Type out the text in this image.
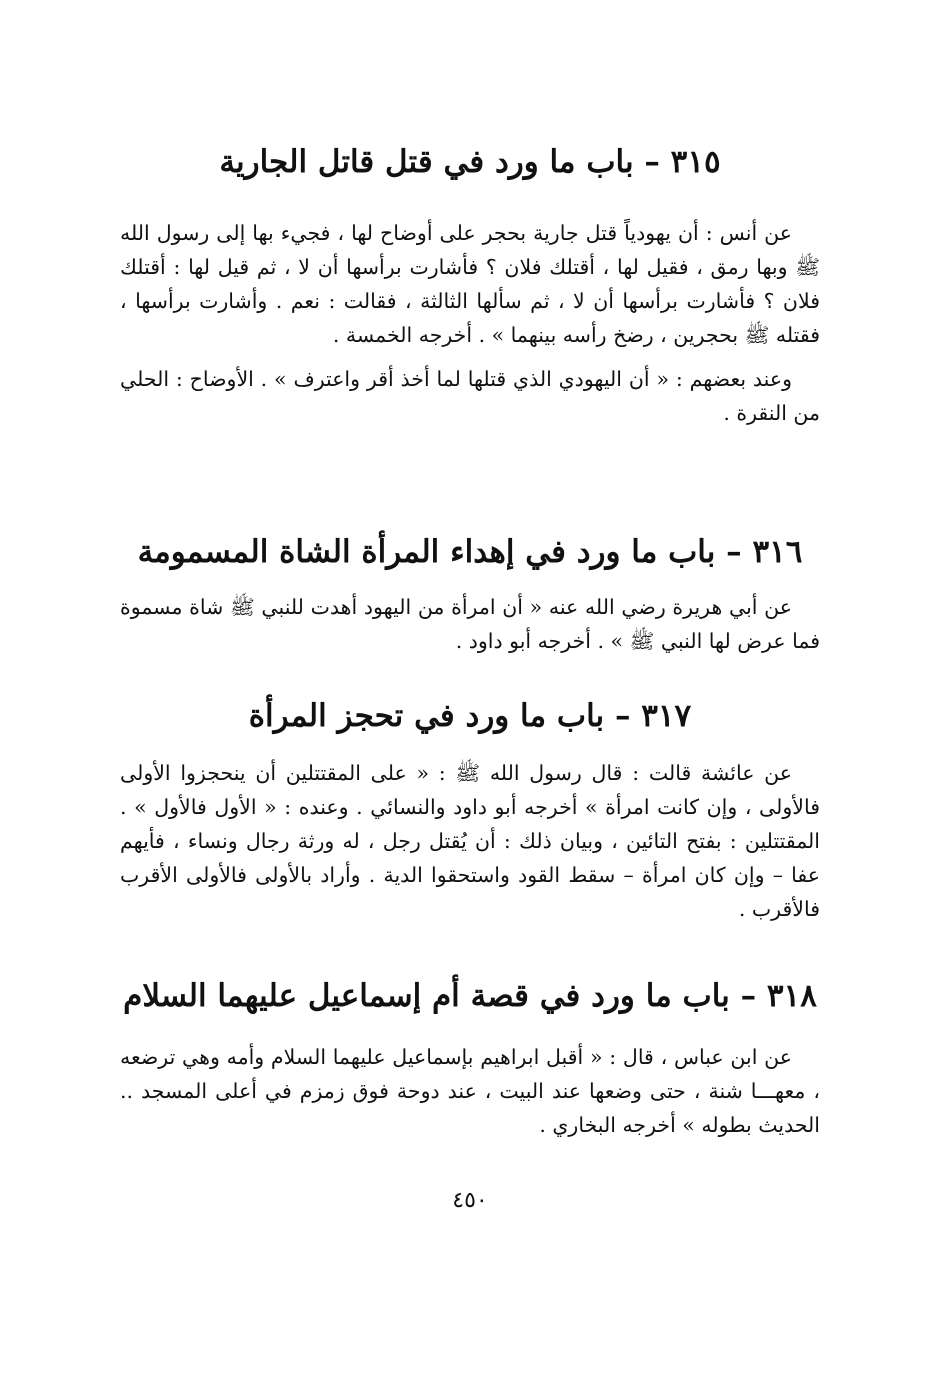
٣١٥ – باب ما ورد في قتل قاتل الجارية

عن أنس : أن يهودياً قتل جارية بحجر على أوضاح لها ، فجيء بها إلى رسول الله ﷺ وبها رمق ، فقيل لها ، أقتلك فلان ؟ فأشارت برأسها أن لا ، ثم قيل لها : أقتلك فلان ؟ فأشارت برأسها أن لا ، ثم سألها الثالثة ، فقالت : نعم . وأشارت برأسها ، فقتله ﷺ بحجرين ، رضخ رأسه بينهما » . أخرجه الخمسة .

وعند بعضهم : « أن اليهودي الذي قتلها لما أخذ أقر واعترف » . الأوضاح : الحلي من النقرة .

٣١٦ – باب ما ورد في إهداء المرأة الشاة المسمومة

عن أبي هريرة رضي الله عنه « أن امرأة من اليهود أهدت للنبي ﷺ شاة مسموة فما عرض لها النبي ﷺ » . أخرجه أبو داود .

٣١٧ – باب ما ورد في تحجز المرأة

عن عائشة قالت : قال رسول الله ﷺ : « على المقتتلين أن ينحجزوا الأولى فالأولى ، وإن كانت امرأة » أخرجه أبو داود والنسائي . وعنده : « الأول فالأول » . المقتتلين : بفتح التائين ، وبيان ذلك : أن يُقتل رجل ، له ورثة رجال ونساء ، فأيهم عفا – وإن كان امرأة – سقط القود واستحقوا الدية . وأراد بالأولى فالأولى الأقرب فالأقرب .

٣١٨ – باب ما ورد في قصة أم إسماعيل عليهما السلام

عن ابن عباس ، قال : « أقبل ابراهيم بإسماعيل عليهما السلام وأمه وهي ترضعه ، معهـــا شنة ، حتى وضعها عند البيت ، عند دوحة فوق زمزم في أعلى المسجد .. الحديث بطوله » أخرجه البخاري .

٤٥٠
